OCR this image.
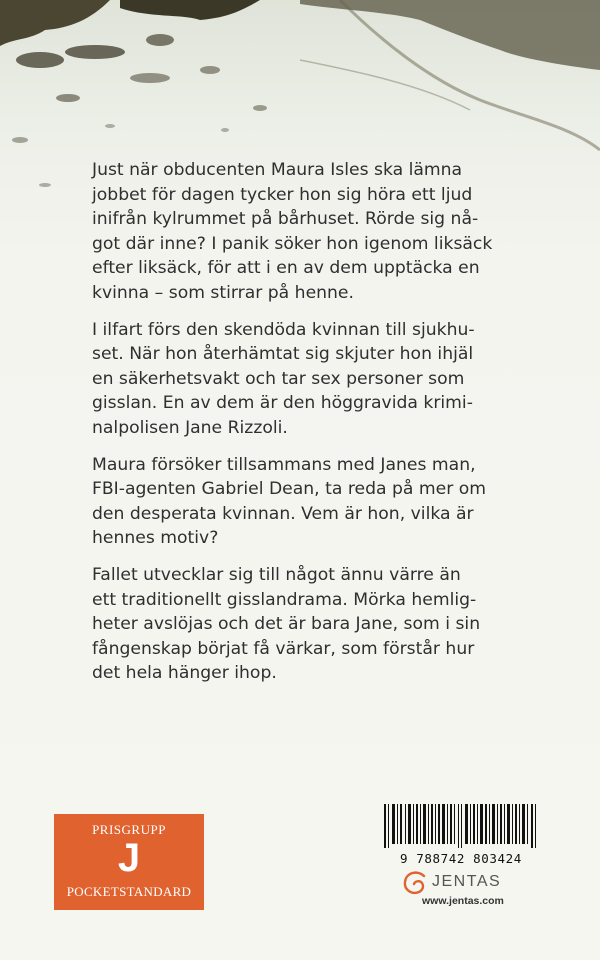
Just när obducenten Maura Isles ska lämna
jobbet för dagen tycker hon sig höra ett ljud
inifrån kylrummet på bårhuset. Rörde sig nå-
got där inne? I panik söker hon igenom liksäck
efter liksäck, för att i en av dem upptäcka en
kvinna – som stirrar på henne.

I ilfart förs den skendöda kvinnan till sjukhu-
set. När hon återhämtat sig skjuter hon ihjäl
en säkerhetsvakt och tar sex personer som
gisslan. En av dem är den höggravida krimi-
nalpolisen Jane Rizzoli.

Maura försöker tillsammans med Janes man,
FBI-agenten Gabriel Dean, ta reda på mer om
den desperata kvinnan. Vem är hon, vilka är
hennes motiv?

Fallet utvecklar sig till något ännu värre än
ett traditionellt gisslandrama. Mörka hemlig-
heter avslöjas och det är bara Jane, som i sin
fångenskap börjat få värkar, som förstår hur
det hela hänger ihop.

PRISGRUPP
J
POCKETSTANDARD
9 788742 803424
JENTAS
www.jentas.com
